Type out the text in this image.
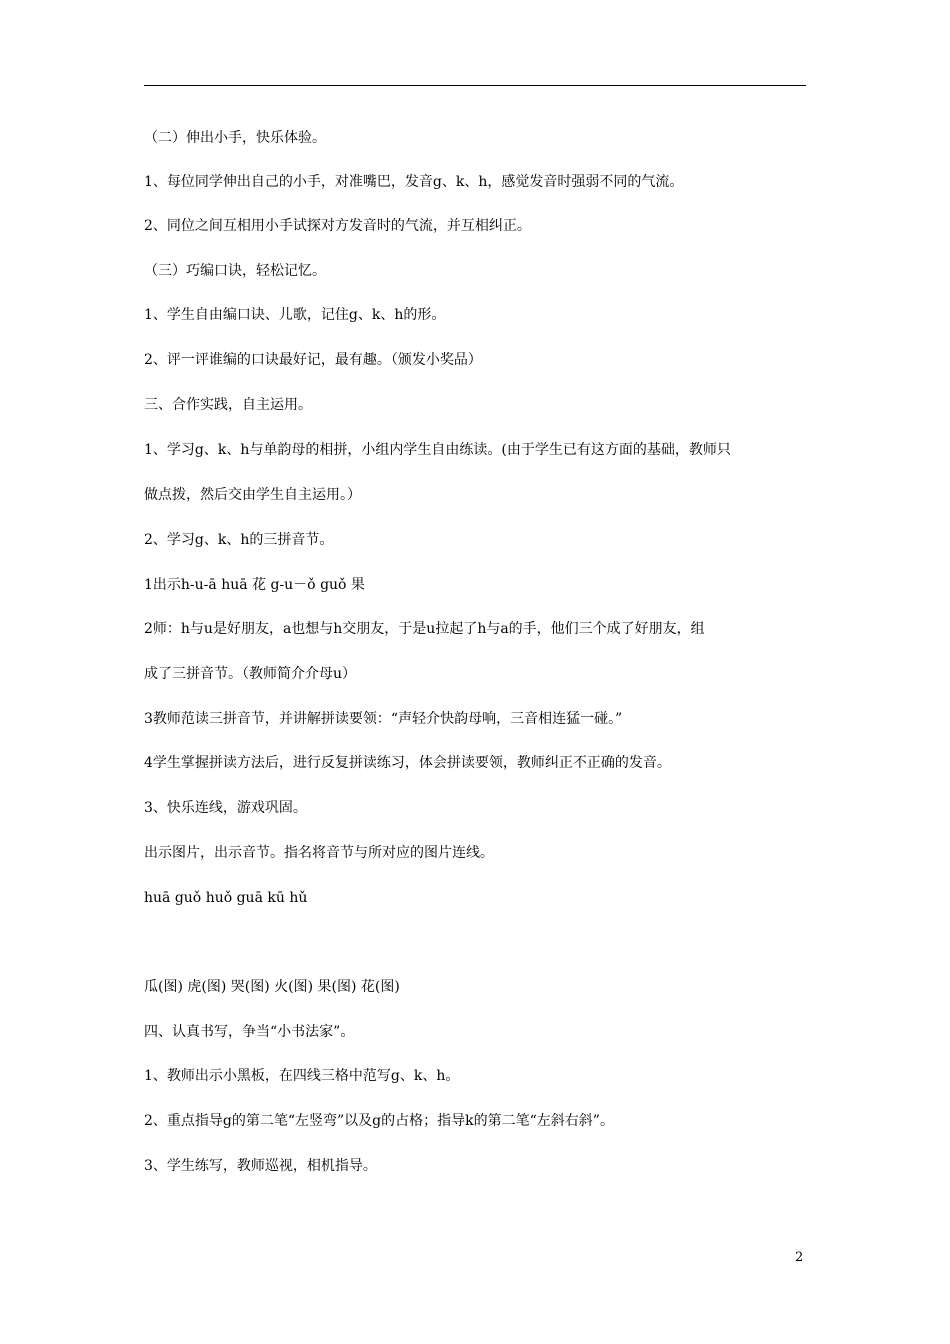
（二）伸出小手，快乐体验。
1、每位同学伸出自己的小手，对准嘴巴，发音g、k、h，感觉发音时强弱不同的气流。
2、同位之间互相用小手试探对方发音时的气流，并互相纠正。
（三）巧编口诀，轻松记忆。
1、学生自由编口诀、儿歌，记住g、k、h的形。
2、评一评谁编的口诀最好记，最有趣。（颁发小奖品）
三、合作实践，自主运用。
1、学习g、k、h与单韵母的相拼，小组内学生自由练读。(由于学生已有这方面的基础，教师只
做点拨，然后交由学生自主运用。）
2、学习g、k、h的三拼音节。
1出示h-u-ā huā 花 g-u－ǒ guǒ 果
2师：h与u是好朋友，a也想与h交朋友，于是u拉起了h与a的手，他们三个成了好朋友，组
成了三拼音节。（教师简介介母u）
3教师范读三拼音节，并讲解拼读要领：“声轻介快韵母响，三音相连猛一碰。”
4学生掌握拼读方法后，进行反复拼读练习，体会拼读要领，教师纠正不正确的发音。
3、快乐连线，游戏巩固。
出示图片，出示音节。指名将音节与所对应的图片连线。
huā guǒ huǒ guā kū hǔ
瓜(图) 虎(图) 哭(图) 火(图) 果(图) 花(图)
四、认真书写，争当“小书法家”。
1、教师出示小黑板，在四线三格中范写g、k、h。
2、重点指导g的第二笔“左竖弯”以及g的占格；指导k的第二笔“左斜右斜”。
3、学生练写，教师巡视，相机指导。
2
